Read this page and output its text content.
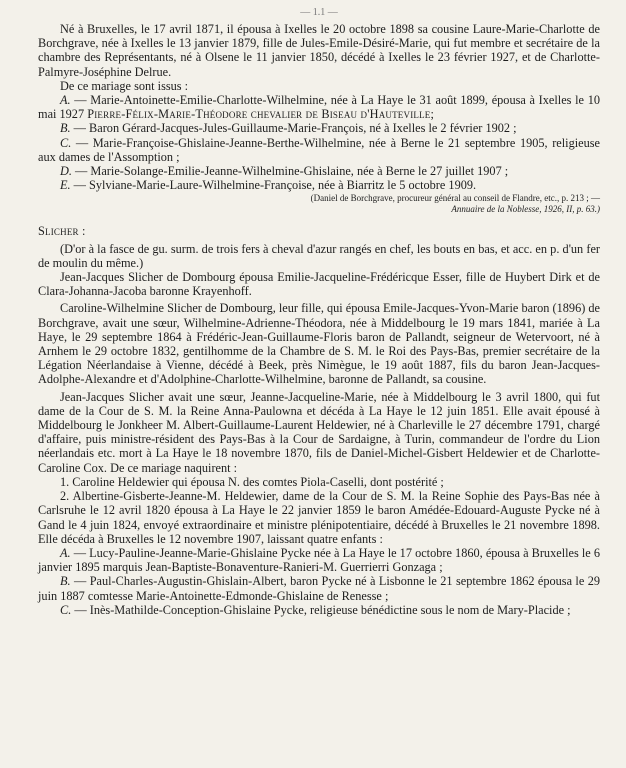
— 1.1 —

Né à Bruxelles, le 17 avril 1871, il épousa à Ixelles le 20 octobre 1898 sa cousine Laure-Marie-Charlotte de Borchgrave, née à Ixelles le 13 janvier 1879, fille de Jules-Emile-Désiré-Marie, qui fut membre et secrétaire de la chambre des Représentants, né à Olsene le 11 janvier 1850, décédé à Ixelles le 23 février 1927, et de Charlotte-Palmyre-Joséphine Delrue.

De ce mariage sont issus :

A. — Marie-Antoinette-Emilie-Charlotte-Wilhelmine, née à La Haye le 31 août 1899, épousa à Ixelles le 10 mai 1927 Pierre-Félix-Marie-Théodore chevalier de Biseau d'Hauteville;

B. — Baron Gérard-Jacques-Jules-Guillaume-Marie-François, né à Ixelles le 2 février 1902 ;

C. — Marie-Françoise-Ghislaine-Jeanne-Berthe-Wilhelmine, née à Berne le 21 septembre 1905, religieuse aux dames de l'Assomption ;

D. — Marie-Solange-Emilie-Jeanne-Wilhelmine-Ghislaine, née à Berne le 27 juillet 1907 ;

E. — Sylviane-Marie-Laure-Wilhelmine-Françoise, née à Biarritz le 5 octobre 1909.

(Daniel de Borchgrave, procureur général au conseil de Flandre, etc., p. 213 ; —
Annuaire de la Noblesse, 1926, II, p. 63.)

Slicher :

(D'or à la fasce de gu. surm. de trois fers à cheval d'azur rangés en chef, les bouts en bas, et acc. en p. d'un fer de moulin du même.)

Jean-Jacques Slicher de Dombourg épousa Emilie-Jacqueline-Frédéricque Esser, fille de Huybert Dirk et de Clara-Johanna-Jacoba baronne Krayenhoff.

Caroline-Wilhelmine Slicher de Dombourg, leur fille, qui épousa Emile-Jacques-Yvon-Marie baron (1896) de Borchgrave, avait une sœur, Wilhelmine-Adrienne-Théodora, née à Middelbourg le 19 mars 1841, mariée à La Haye, le 29 septembre 1864 à Frédéric-Jean-Guillaume-Floris baron de Pallandt, seigneur de Wetervoort, né à Arnhem le 29 octobre 1832, gentilhomme de la Chambre de S. M. le Roi des Pays-Bas, premier secrétaire de la Légation Néerlandaise à Vienne, décédé à Beek, près Nimègue, le 19 août 1887, fils du baron Jean-Jacques-Adolphe-Alexandre et d'Adolphine-Charlotte-Wilhelmine, baronne de Pallandt, sa cousine.

Jean-Jacques Slicher avait une sœur, Jeanne-Jacqueline-Marie, née à Middelbourg le 3 avril 1800, qui fut dame de la Cour de S. M. la Reine Anna-Paulowna et décéda à La Haye le 12 juin 1851. Elle avait épousé à Middelbourg le Jonkheer M. Albert-Guillaume-Laurent Heldewier, né à Charleville le 27 décembre 1791, chargé d'affaire, puis ministre-résident des Pays-Bas à la Cour de Sardaigne, à Turin, commandeur de l'ordre du Lion néerlandais etc. mort à La Haye le 18 novembre 1870, fils de Daniel-Michel-Gisbert Heldewier et de Charlotte-Caroline Cox. De ce mariage naquirent :

1. Caroline Heldewier qui épousa N. des comtes Piola-Caselli, dont postérité ;

2. Albertine-Gisberte-Jeanne-M. Heldewier, dame de la Cour de S. M. la Reine Sophie des Pays-Bas née à Carlsruhe le 12 avril 1820 épousa à La Haye le 22 janvier 1859 le baron Amédée-Edouard-Auguste Pycke né à Gand le 4 juin 1824, envoyé extraordinaire et ministre plénipotentiaire, décédé à Bruxelles le 21 novembre 1898. Elle décéda à Bruxelles le 12 novembre 1907, laissant quatre enfants :

A. — Lucy-Pauline-Jeanne-Marie-Ghislaine Pycke née à La Haye le 17 octobre 1860, épousa à Bruxelles le 6 janvier 1895 marquis Jean-Baptiste-Bonaventure-Ranieri-M. Guerrierri Gonzaga ;

B. — Paul-Charles-Augustin-Ghislain-Albert, baron Pycke né à Lisbonne le 21 septembre 1862 épousa le 29 juin 1887 comtesse Marie-Antoinette-Edmonde-Ghislaine de Renesse ;

C. — Inès-Mathilde-Conception-Ghislaine Pycke, religieuse bénédictine sous le nom de Mary-Placide ;
